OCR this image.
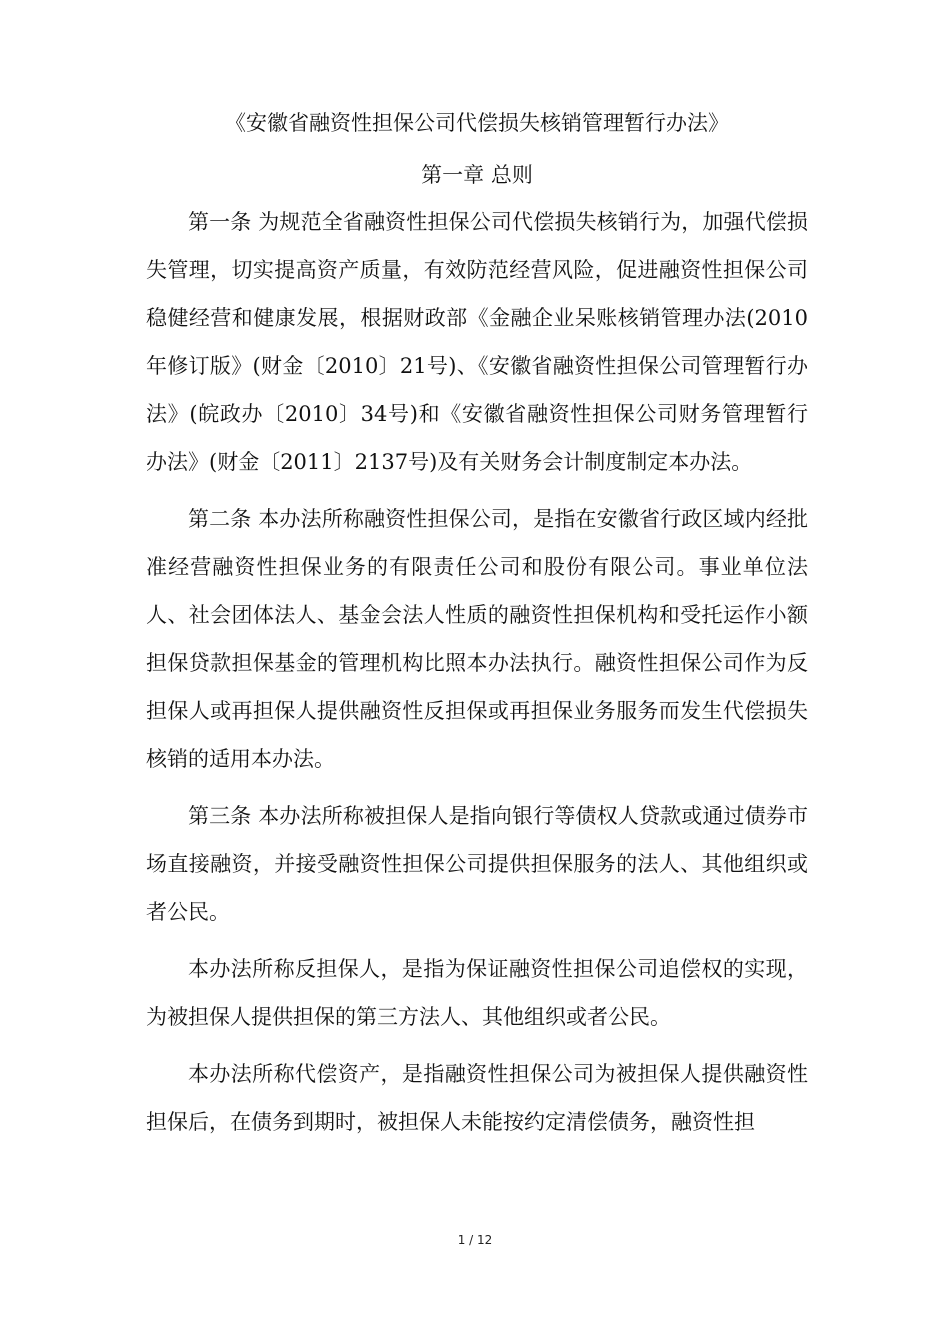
《安徽省融资性担保公司代偿损失核销管理暂行办法》
第一章 总则

第一条 为规范全省融资性担保公司代偿损失核销行为，加强代偿损失管理，切实提高资产质量，有效防范经营风险，促进融资性担保公司稳健经营和健康发展，根据财政部《金融企业呆账核销管理办法(2010年修订版》(财金〔2010〕21号)、《安徽省融资性担保公司管理暂行办法》(皖政办〔2010〕34号)和《安徽省融资性担保公司财务管理暂行办法》(财金〔2011〕2137号)及有关财务会计制度制定本办法。

第二条 本办法所称融资性担保公司，是指在安徽省行政区域内经批准经营融资性担保业务的有限责任公司和股份有限公司。事业单位法人、社会团体法人、基金会法人性质的融资性担保机构和受托运作小额担保贷款担保基金的管理机构比照本办法执行。融资性担保公司作为反担保人或再担保人提供融资性反担保或再担保业务服务而发生代偿损失核销的适用本办法。

第三条 本办法所称被担保人是指向银行等债权人贷款或通过债券市场直接融资，并接受融资性担保公司提供担保服务的法人、其他组织或者公民。

本办法所称反担保人，是指为保证融资性担保公司追偿权的实现，为被担保人提供担保的第三方法人、其他组织或者公民。

本办法所称代偿资产，是指融资性担保公司为被担保人提供融资性担保后，在债务到期时，被担保人未能按约定清偿债务，融资性担

1 / 12
